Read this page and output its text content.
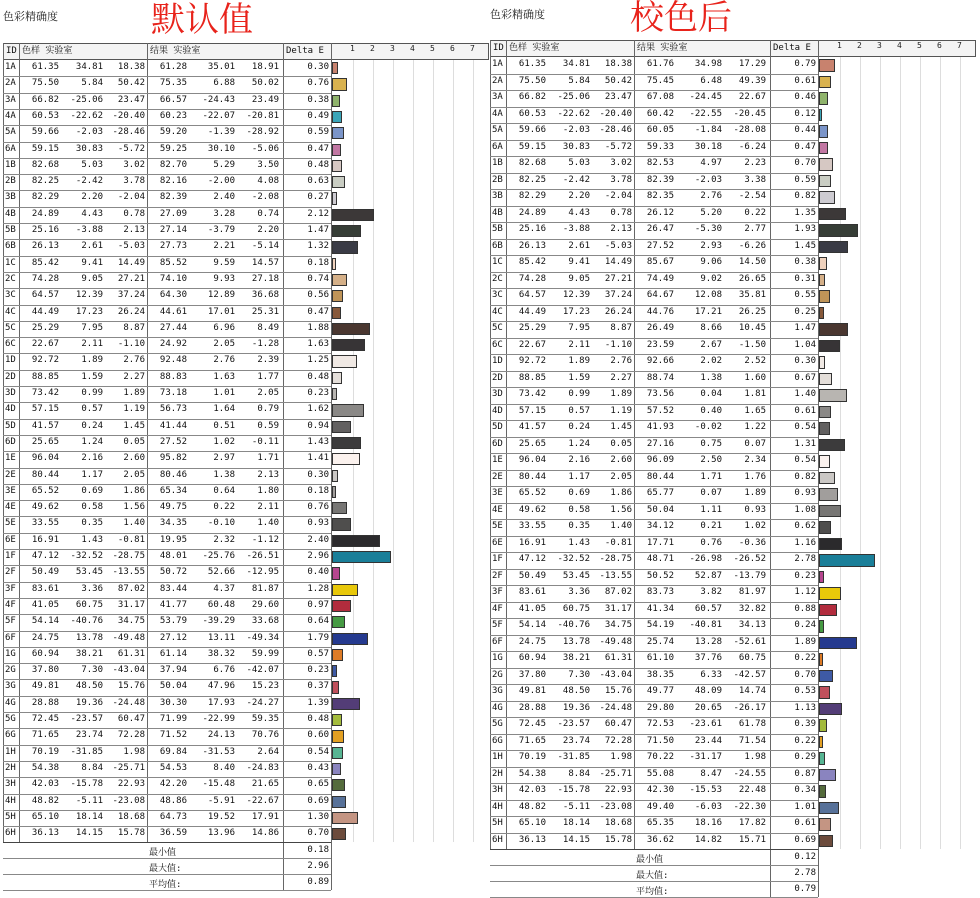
色彩精确度	默认值
ID 色样 实验室	结果 实验室	Delta E	1 2 3 4 5 6 7
1A	61.35	34.81	18.38	61.28	35.01	18.91	0.30
2A	75.50	5.84	50.42	75.35	6.88	50.02	0.76
3A	66.82	-25.06	23.47	66.57	-24.43	23.49	0.38
4A	60.53	-22.62	-20.40	60.23	-22.07	-20.81	0.49
5A	59.66	-2.03	-28.46	59.20	-1.39	-28.92	0.59
6A	59.15	30.83	-5.72	59.25	30.10	-5.06	0.47
1B	82.68	5.03	3.02	82.70	5.29	3.50	0.48
2B	82.25	-2.42	3.78	82.16	-2.00	4.08	0.63
3B	82.29	2.20	-2.04	82.39	2.40	-2.08	0.27
4B	24.89	4.43	0.78	27.09	3.28	0.74	2.12
5B	25.16	-3.88	2.13	27.14	-3.79	2.20	1.47
6B	26.13	2.61	-5.03	27.73	2.21	-5.14	1.32
1C	85.42	9.41	14.49	85.52	9.59	14.57	0.18
2C	74.28	9.05	27.21	74.10	9.93	27.18	0.74
3C	64.57	12.39	37.24	64.30	12.89	36.68	0.56
4C	44.49	17.23	26.24	44.61	17.01	25.31	0.47
5C	25.29	7.95	8.87	27.44	6.96	8.49	1.88
6C	22.67	2.11	-1.10	24.92	2.05	-1.28	1.63
1D	92.72	1.89	2.76	92.48	2.76	2.39	1.25
2D	88.85	1.59	2.27	88.83	1.63	1.77	0.48
3D	73.42	0.99	1.89	73.18	1.01	2.05	0.23
4D	57.15	0.57	1.19	56.73	1.64	0.79	1.62
5D	41.57	0.24	1.45	41.44	0.51	0.59	0.94
6D	25.65	1.24	0.05	27.52	1.02	-0.11	1.43
1E	96.04	2.16	2.60	95.82	2.97	1.71	1.41
2E	80.44	1.17	2.05	80.46	1.38	2.13	0.30
3E	65.52	0.69	1.86	65.34	0.64	1.80	0.18
4E	49.62	0.58	1.56	49.75	0.22	2.11	0.76
5E	33.55	0.35	1.40	34.35	-0.10	1.40	0.93
6E	16.91	1.43	-0.81	19.95	2.32	-1.12	2.40
1F	47.12	-32.52	-28.75	48.01	-25.76	-26.51	2.96
2F	50.49	53.45	-13.55	50.72	52.66	-12.95	0.40
3F	83.61	3.36	87.02	83.44	4.37	81.87	1.28
4F	41.05	60.75	31.17	41.77	60.48	29.60	0.97
5F	54.14	-40.76	34.75	53.79	-39.29	33.68	0.64
6F	24.75	13.78	-49.48	27.12	13.11	-49.34	1.79
1G	60.94	38.21	61.31	61.14	38.32	59.99	0.57
2G	37.80	7.30	-43.04	37.94	6.76	-42.07	0.23
3G	49.81	48.50	15.76	50.04	47.96	15.23	0.37
4G	28.88	19.36	-24.48	30.30	17.93	-24.27	1.39
5G	72.45	-23.57	60.47	71.99	-22.99	59.35	0.48
6G	71.65	23.74	72.28	71.52	24.13	70.76	0.60
1H	70.19	-31.85	1.98	69.84	-31.53	2.64	0.54
2H	54.38	8.84	-25.71	54.53	8.40	-24.83	0.43
3H	42.03	-15.78	22.93	42.20	-15.48	21.65	0.65
4H	48.82	-5.11	-23.08	48.86	-5.91	-22.67	0.69
5H	65.10	18.14	18.68	64.73	19.52	17.91	1.30
6H	36.13	14.15	15.78	36.59	13.96	14.86	0.70
最小值	0.18
最大值:	2.96
平均值:	0.89
色彩精确度	校色后
ID 色样 实验室	结果 实验室	Delta E	1 2 3 4 5 6 7
1A	61.35	34.81	18.38	61.76	34.98	17.29	0.79
2A	75.50	5.84	50.42	75.45	6.48	49.39	0.61
3A	66.82	-25.06	23.47	67.08	-24.45	22.67	0.46
4A	60.53	-22.62	-20.40	60.42	-22.55	-20.45	0.12
5A	59.66	-2.03	-28.46	60.05	-1.84	-28.08	0.44
6A	59.15	30.83	-5.72	59.33	30.18	-6.24	0.47
1B	82.68	5.03	3.02	82.53	4.97	2.23	0.70
2B	82.25	-2.42	3.78	82.39	-2.03	3.38	0.59
3B	82.29	2.20	-2.04	82.35	2.76	-2.54	0.82
4B	24.89	4.43	0.78	26.12	5.20	0.22	1.35
5B	25.16	-3.88	2.13	26.47	-5.30	2.77	1.93
6B	26.13	2.61	-5.03	27.52	2.93	-6.26	1.45
1C	85.42	9.41	14.49	85.67	9.06	14.50	0.38
2C	74.28	9.05	27.21	74.49	9.02	26.65	0.31
3C	64.57	12.39	37.24	64.67	12.08	35.81	0.55
4C	44.49	17.23	26.24	44.76	17.21	26.25	0.25
5C	25.29	7.95	8.87	26.49	8.66	10.45	1.47
6C	22.67	2.11	-1.10	23.59	2.67	-1.50	1.04
1D	92.72	1.89	2.76	92.66	2.02	2.52	0.30
2D	88.85	1.59	2.27	88.74	1.38	1.60	0.67
3D	73.42	0.99	1.89	73.56	0.04	1.81	1.40
4D	57.15	0.57	1.19	57.52	0.40	1.65	0.61
5D	41.57	0.24	1.45	41.93	-0.02	1.22	0.54
6D	25.65	1.24	0.05	27.16	0.75	0.07	1.31
1E	96.04	2.16	2.60	96.09	2.50	2.34	0.54
2E	80.44	1.17	2.05	80.44	1.71	1.76	0.82
3E	65.52	0.69	1.86	65.77	0.07	1.89	0.93
4E	49.62	0.58	1.56	50.04	1.11	0.93	1.08
5E	33.55	0.35	1.40	34.12	0.21	1.02	0.62
6E	16.91	1.43	-0.81	17.71	0.76	-0.36	1.16
1F	47.12	-32.52	-28.75	48.71	-26.98	-26.52	2.78
2F	50.49	53.45	-13.55	50.52	52.87	-13.79	0.23
3F	83.61	3.36	87.02	83.73	3.82	81.97	1.12
4F	41.05	60.75	31.17	41.34	60.57	32.82	0.88
5F	54.14	-40.76	34.75	54.19	-40.81	34.13	0.24
6F	24.75	13.78	-49.48	25.74	13.28	-52.61	1.89
1G	60.94	38.21	61.31	61.10	37.76	60.75	0.22
2G	37.80	7.30	-43.04	38.35	6.33	-42.57	0.70
3G	49.81	48.50	15.76	49.77	48.09	14.74	0.53
4G	28.88	19.36	-24.48	29.80	20.65	-26.17	1.13
5G	72.45	-23.57	60.47	72.53	-23.61	61.78	0.39
6G	71.65	23.74	72.28	71.50	23.44	71.54	0.22
1H	70.19	-31.85	1.98	70.22	-31.17	1.98	0.29
2H	54.38	8.84	-25.71	55.08	8.47	-24.55	0.87
3H	42.03	-15.78	22.93	42.30	-15.53	22.48	0.34
4H	48.82	-5.11	-23.08	49.40	-6.03	-22.30	1.01
5H	65.10	18.14	18.68	65.35	18.16	17.82	0.61
6H	36.13	14.15	15.78	36.62	14.82	15.71	0.69
最小值	0.12
最大值:	2.78
平均值:	0.79
